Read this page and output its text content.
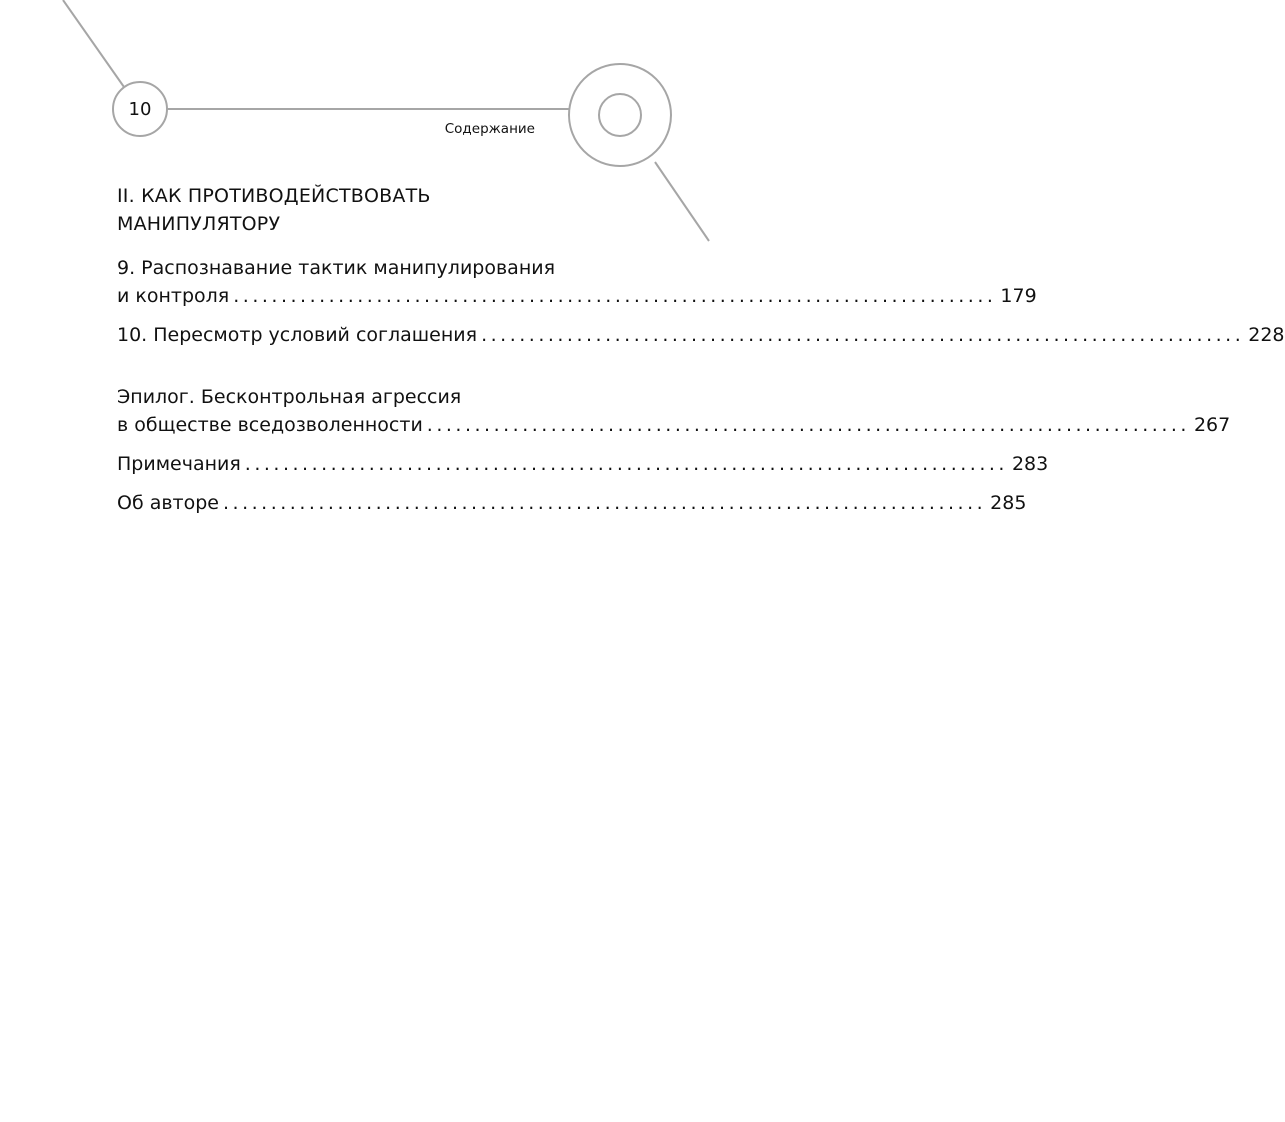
10
Содержание
II. КАК ПРОТИВОДЕЙСТВОВАТЬ
МАНИПУЛЯТОРУ
9. Распознавание тактик манипулирования
и контроля ................................................................................ 179
10. Пересмотр условий соглашения ................................................................................ 228
Эпилог. Бесконтрольная агрессия
в обществе вседозволенности ................................................................................ 267
Примечания ................................................................................ 283
Об авторе ................................................................................ 285
